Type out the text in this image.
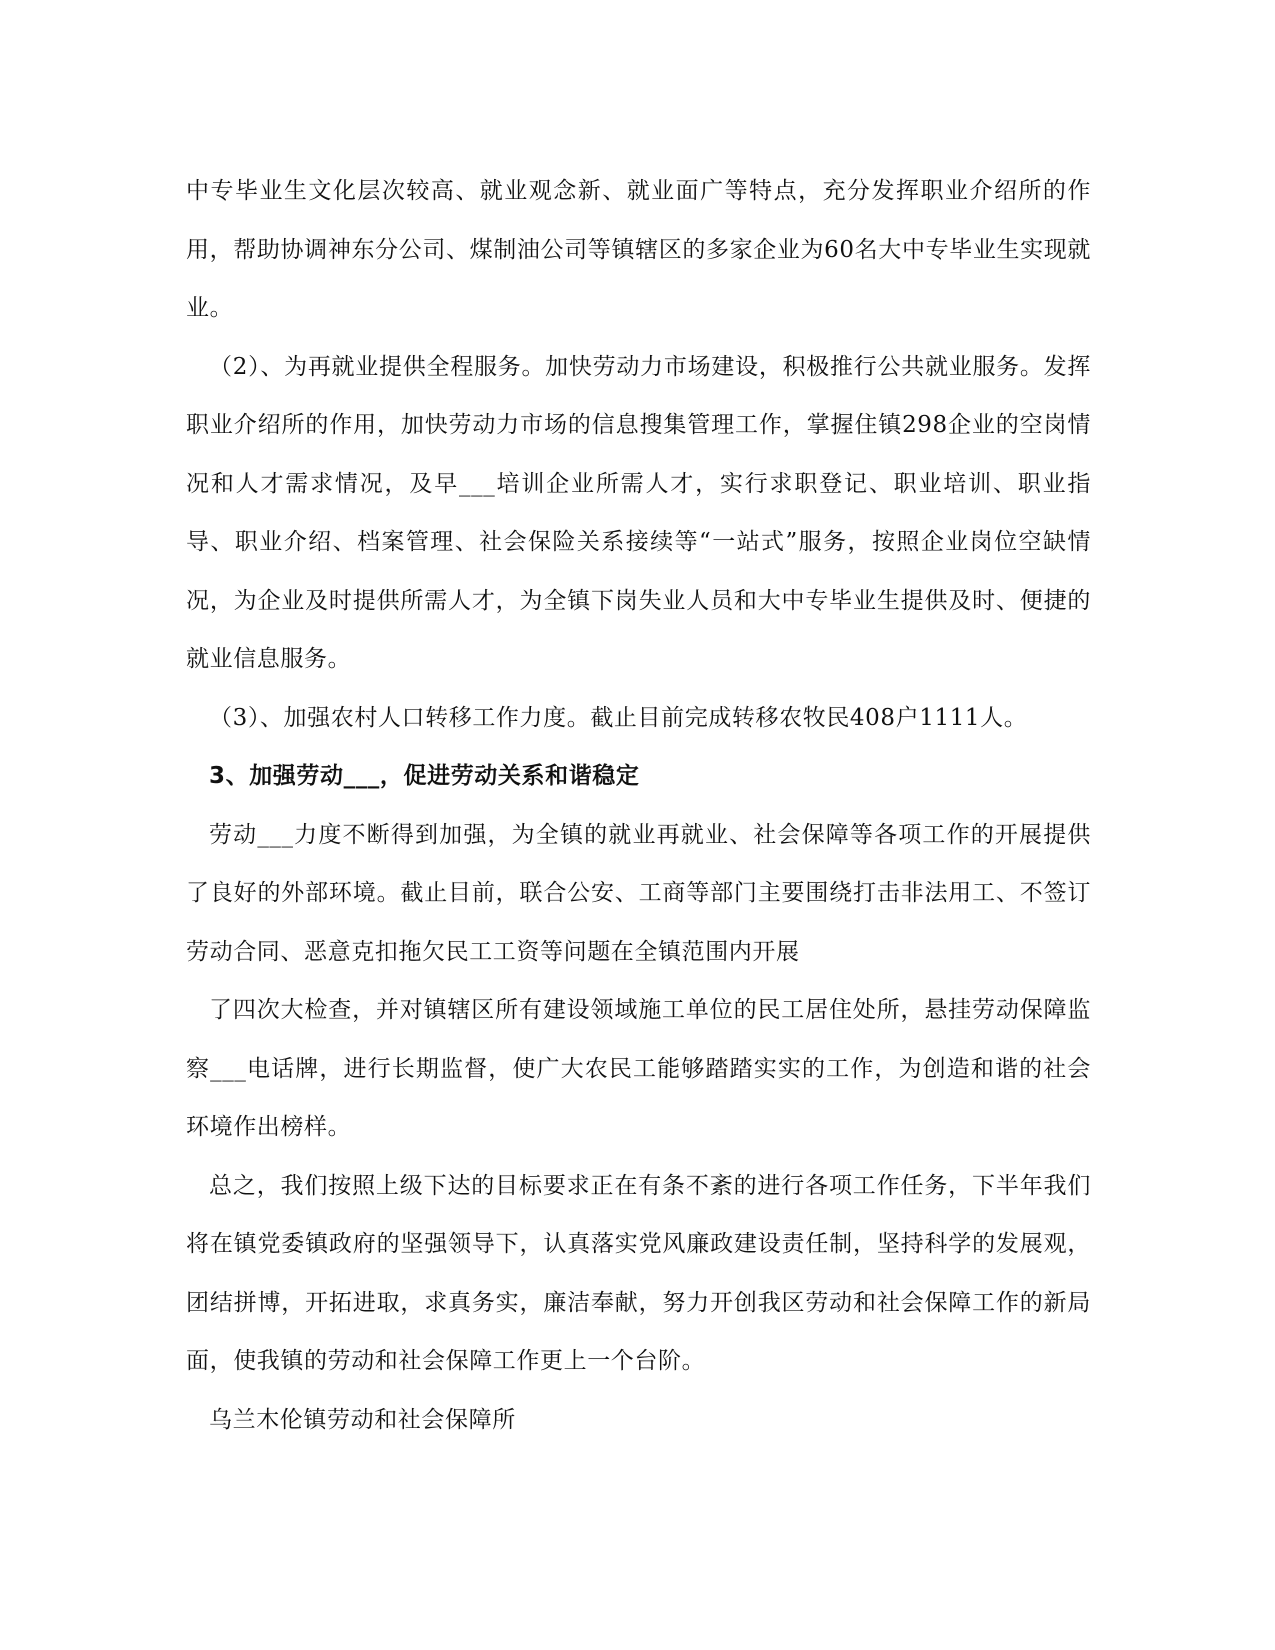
中专毕业生文化层次较高、就业观念新、就业面广等特点，充分发挥职业介绍所的作用，帮助协调神东分公司、煤制油公司等镇辖区的多家企业为60名大中专毕业生实现就业。

（2）、为再就业提供全程服务。加快劳动力市场建设，积极推行公共就业服务。发挥职业介绍所的作用，加快劳动力市场的信息搜集管理工作，掌握住镇298企业的空岗情况和人才需求情况，及早___培训企业所需人才，实行求职登记、职业培训、职业指导、职业介绍、档案管理、社会保险关系接续等“一站式”服务，按照企业岗位空缺情况，为企业及时提供所需人才，为全镇下岗失业人员和大中专毕业生提供及时、便捷的就业信息服务。

（3）、加强农村人口转移工作力度。截止目前完成转移农牧民408户1111人。

3、加强劳动___，促进劳动关系和谐稳定

劳动___力度不断得到加强，为全镇的就业再就业、社会保障等各项工作的开展提供了良好的外部环境。截止目前，联合公安、工商等部门主要围绕打击非法用工、不签订劳动合同、恶意克扣拖欠民工工资等问题在全镇范围内开展

了四次大检查，并对镇辖区所有建设领域施工单位的民工居住处所，悬挂劳动保障监察___电话牌，进行长期监督，使广大农民工能够踏踏实实的工作，为创造和谐的社会环境作出榜样。

总之，我们按照上级下达的目标要求正在有条不紊的进行各项工作任务，下半年我们将在镇党委镇政府的坚强领导下，认真落实党风廉政建设责任制，坚持科学的发展观，团结拼博，开拓进取，求真务实，廉洁奉献，努力开创我区劳动和社会保障工作的新局面，使我镇的劳动和社会保障工作更上一个台阶。

乌兰木伦镇劳动和社会保障所
